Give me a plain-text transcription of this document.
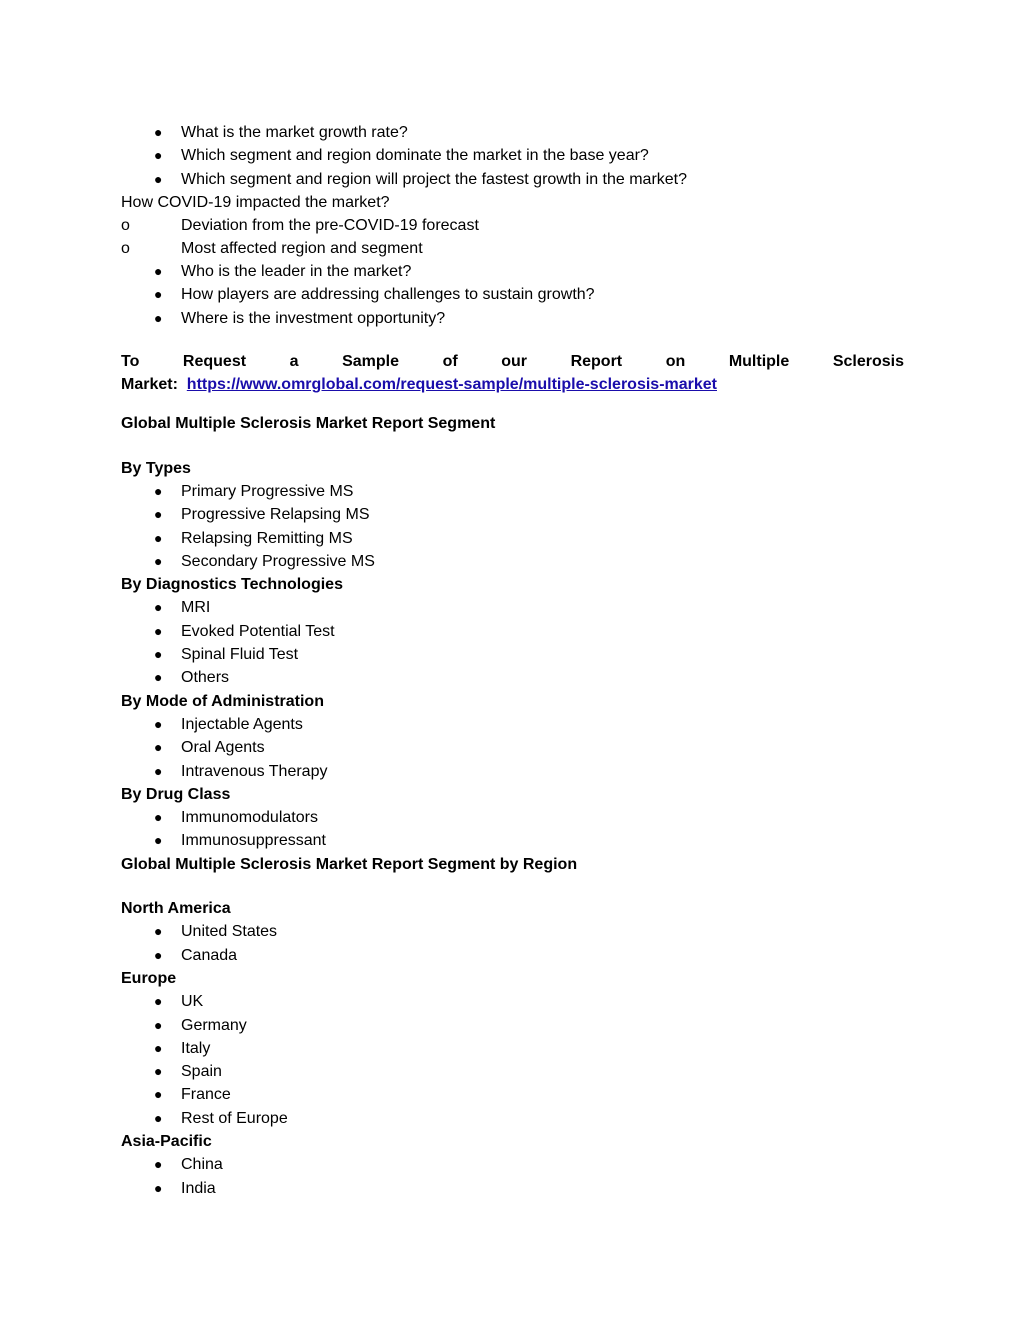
● What is the market growth rate?
● Which segment and region dominate the market in the base year?
● Which segment and region will project the fastest growth in the market?
How COVID-19 impacted the market?
o	Deviation from the pre-COVID-19 forecast
o	Most affected region and segment
● Who is the leader in the market?
● How players are addressing challenges to sustain growth?
● Where is the investment opportunity?
To	Request	a	Sample	of	our	Report	on	Multiple	Sclerosis
Market: https://www.omrglobal.com/request-sample/multiple-sclerosis-market
Global Multiple Sclerosis Market Report Segment
By Types
● Primary Progressive MS
● Progressive Relapsing MS
● Relapsing Remitting MS
● Secondary Progressive MS
By Diagnostics Technologies
● MRI
● Evoked Potential Test
● Spinal Fluid Test
● Others
By Mode of Administration
● Injectable Agents
● Oral Agents
● Intravenous Therapy
By Drug Class
● Immunomodulators
● Immunosuppressant
Global Multiple Sclerosis Market Report Segment by Region
North America
● United States
● Canada
Europe
● UK
● Germany
● Italy
● Spain
● France
● Rest of Europe
Asia-Pacific
● China
● India
